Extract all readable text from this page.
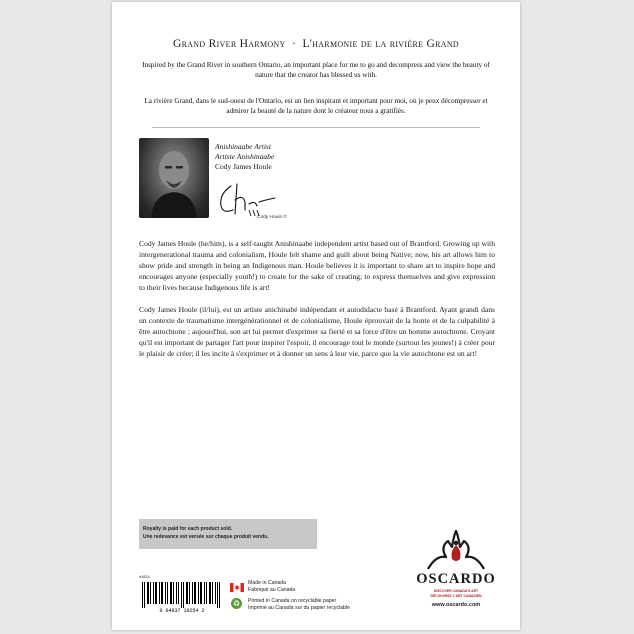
Grand River Harmony · L'harmonie de la rivière Grand
Inspired by the Grand River in southern Ontario, an important place for me to go and decompress and view the beauty of nature that the creator has blessed us with.
La rivière Grand, dans le sud-ouest de l'Ontario, est un lien inspirant et important pour moi, où je peux décompresser et admirer la beauté de la nature dont le créateur nous a gratifiés.
Anishinaabe Artist
Artiste Anishinaabe
Cody James Houle
Cody Houle ©

Cody James Houle (he/him), is a self-taught Anishinaabe independent artist based out of Brantford. Growing up with intergenerational trauma and colonialism, Houle felt shame and guilt about being Native; now, his art allows him to show pride and strength in being an Indigenous man. Houle believes it is important to share art to inspire hope and encourages anyone (especially youth!) to create for the sake of creating; to express themselves and give expression to their lives because Indigenous life is art!

Cody James Houle (il/lui), est un artiste anichinabé indépendant et autodidacte basé à Brantford. Ayant grandi dans un contexte de traumatisme intergénérationnel et de colonialisme, Houle éprouvait de la honte et de la culpabilité à être autochtone ; aujourd'hui, son art lui permet d'exprimer sa fierté et sa force d'être un homme autochtone. Croyant qu'il est important de partager l'art pour inspirer l'espoir, il encourage tout le monde (surtout les jeunes!) à créer pour le plaisir de créer; il les incite à s'exprimer et à donner un sens à leur vie, parce que la vie autochtone est un art!

Royalty is paid for each product sold.
Une redevance est versée sur chaque produit vendu.
#0824
0 64837 10254 2
Made in Canada
Fabriqué au Canada
♻	Printed in Canada on recyclable paper
Imprimé au Canada sur du papier recyclable
OSCARDO
DISCOVER CANADA'S ART
DÉCOUVREZ L'ART CANADIEN
www.oscardo.com
